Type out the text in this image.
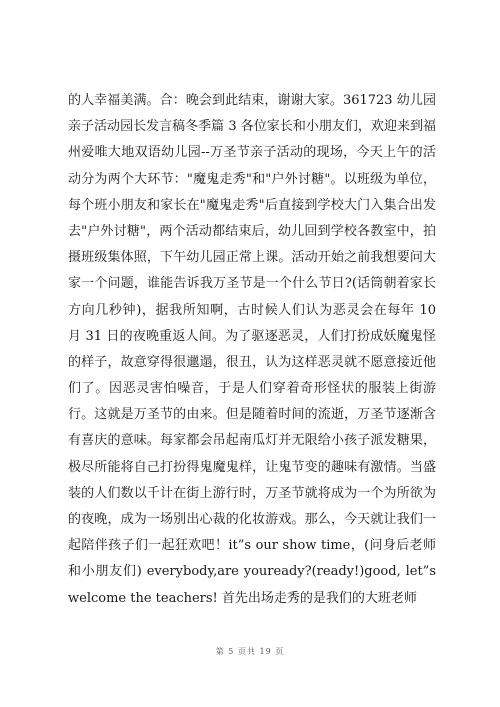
的人幸福美满。合：晚会到此结束，谢谢大家。361723 幼儿园
亲子活动园长发言稿冬季篇 3 各位家长和小朋友们，欢迎来到福
州爱唯大地双语幼儿园--万圣节亲子活动的现场，今天上午的活
动分为两个大环节："魔鬼走秀"和"户外讨糖"。以班级为单位，
每个班小朋友和家长在"魔鬼走秀"后直接到学校大门入集合出发
去"户外讨糖"，两个活动都结束后，幼儿回到学校各教室中，拍
摄班级集体照，下午幼儿园正常上课。活动开始之前我想要问大
家一个问题，谁能告诉我万圣节是一个什么节日?(话筒朝着家长
方向几秒钟)，据我所知啊，古时候人们认为恶灵会在每年 10
月 31 日的夜晚重返人间。为了驱逐恶灵，人们打扮成妖魔鬼怪
的样子，故意穿得很邋遢，很丑，认为这样恶灵就不愿意接近他
们了。因恶灵害怕噪音，于是人们穿着奇形怪状的服装上街游
行。这就是万圣节的由来。但是随着时间的流逝，万圣节逐渐含
有喜庆的意味。每家都会吊起南瓜灯并无限给小孩子派发糖果，
极尽所能将自己打扮得鬼魔鬼样，让鬼节变的趣味有激情。当盛
装的人们数以千计在街上游行时，万圣节就将成为一个为所欲为
的夜晚，成为一场别出心裁的化妆游戏。那么，今天就让我们一
起陪伴孩子们一起狂欢吧！it”s our show time，(问身后老师
和小朋友们) everybody,are youready?(ready!)good, let”s
welcome the teachers! 首先出场走秀的是我们的大班老师
第 5 页共 19 页
